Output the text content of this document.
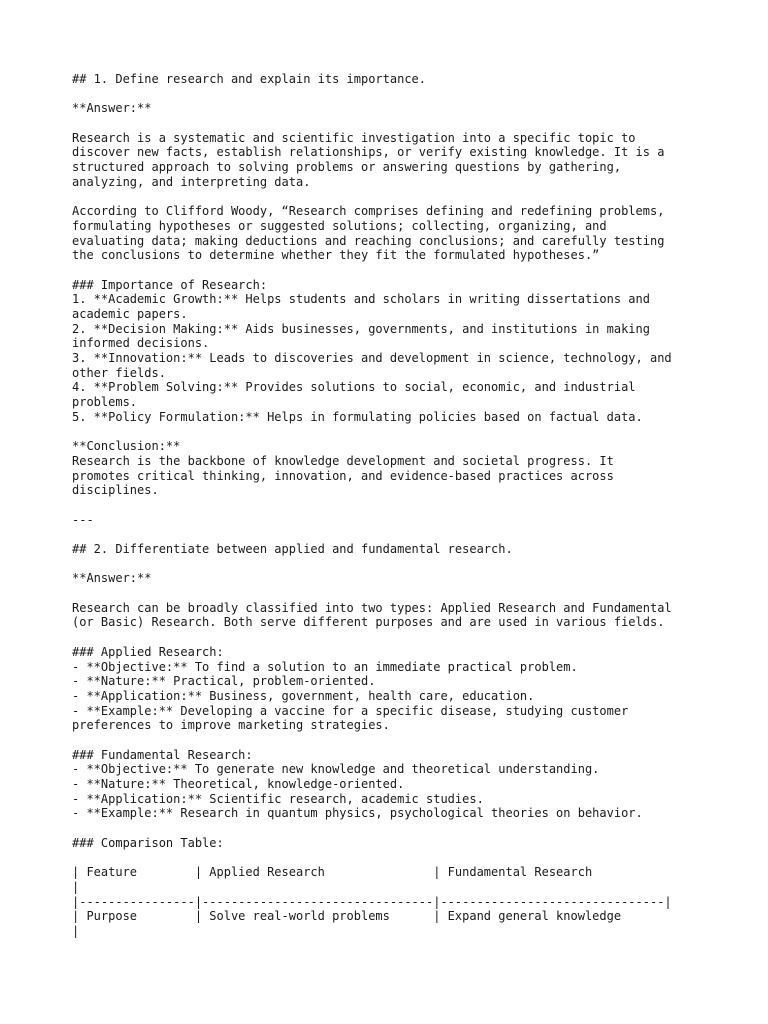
## 1. Define research and explain its importance.
**Answer:**
Research is a systematic and scientific investigation into a specific topic to
discover new facts, establish relationships, or verify existing knowledge. It is a
structured approach to solving problems or answering questions by gathering,
analyzing, and interpreting data.
According to Clifford Woody, “Research comprises defining and redefining problems,
formulating hypotheses or suggested solutions; collecting, organizing, and
evaluating data; making deductions and reaching conclusions; and carefully testing
the conclusions to determine whether they fit the formulated hypotheses.”
### Importance of Research:
1. **Academic Growth:** Helps students and scholars in writing dissertations and
academic papers.
2. **Decision Making:** Aids businesses, governments, and institutions in making
informed decisions.
3. **Innovation:** Leads to discoveries and development in science, technology, and
other fields.
4. **Problem Solving:** Provides solutions to social, economic, and industrial
problems.
5. **Policy Formulation:** Helps in formulating policies based on factual data.
**Conclusion:**
Research is the backbone of knowledge development and societal progress. It
promotes critical thinking, innovation, and evidence-based practices across
disciplines.
---
## 2. Differentiate between applied and fundamental research.
**Answer:**
Research can be broadly classified into two types: Applied Research and Fundamental
(or Basic) Research. Both serve different purposes and are used in various fields.
### Applied Research:
- **Objective:** To find a solution to an immediate practical problem.
- **Nature:** Practical, problem-oriented.
- **Application:** Business, government, health care, education.
- **Example:** Developing a vaccine for a specific disease, studying customer
preferences to improve marketing strategies.
### Fundamental Research:
- **Objective:** To generate new knowledge and theoretical understanding.
- **Nature:** Theoretical, knowledge-oriented.
- **Application:** Scientific research, academic studies.
- **Example:** Research in quantum physics, psychological theories on behavior.
### Comparison Table:
| Feature        | Applied Research               | Fundamental Research
|
|----------------|--------------------------------|-------------------------------|
| Purpose        | Solve real-world problems      | Expand general knowledge
|
